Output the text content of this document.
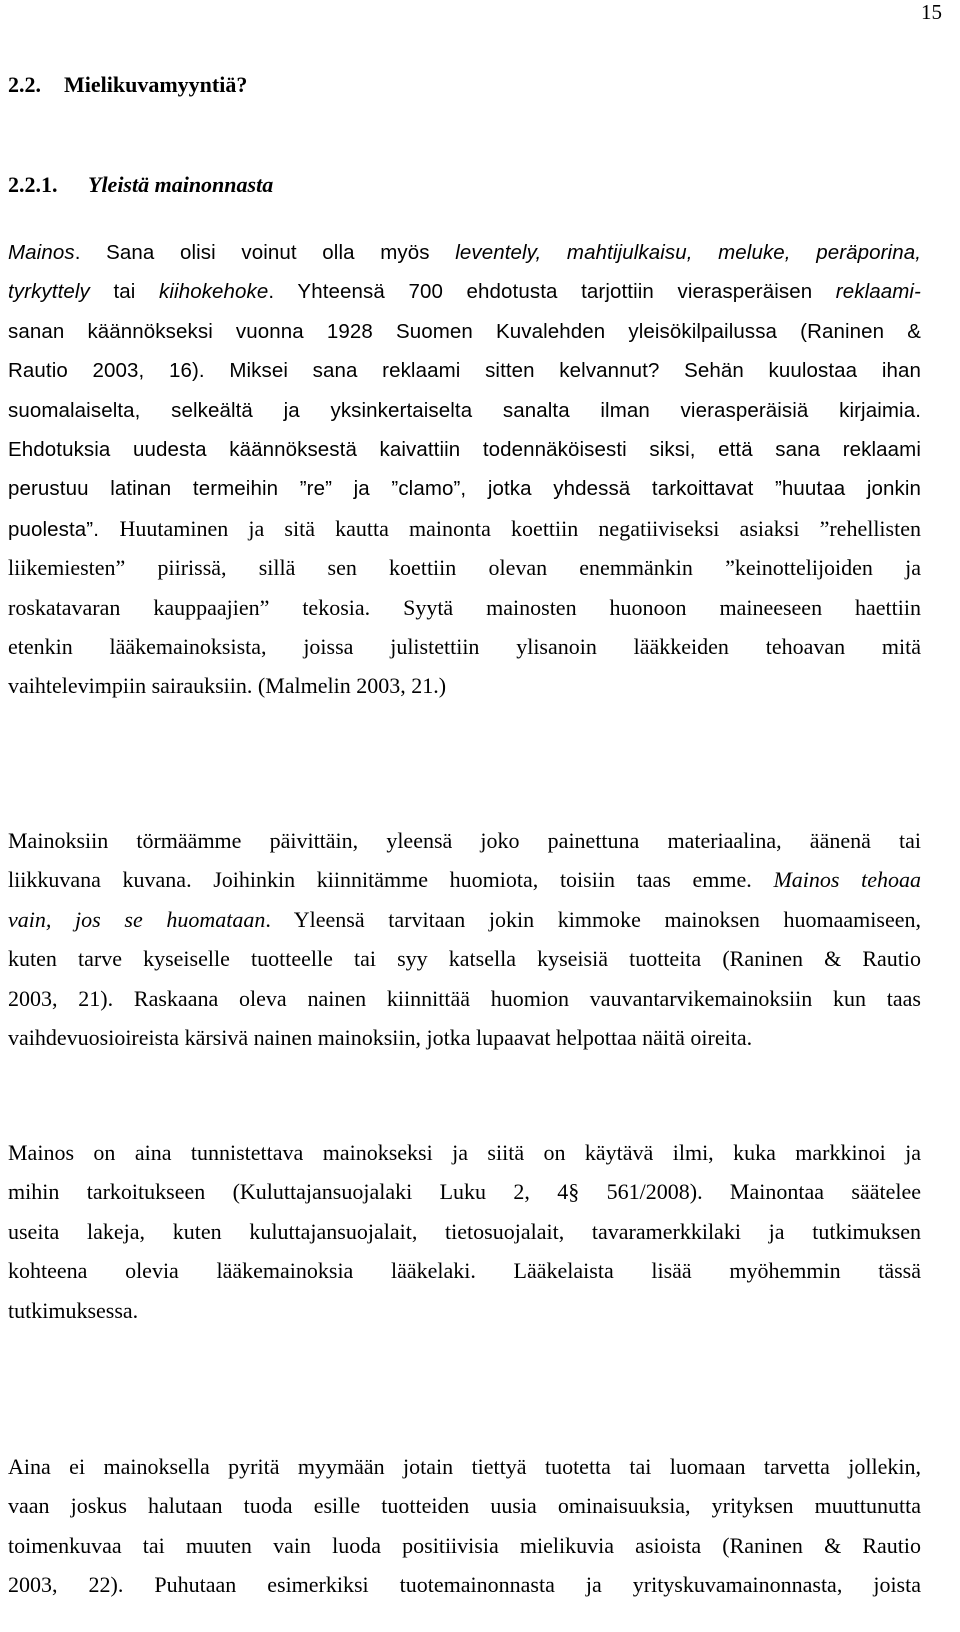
15
2.2. Mielikuvamyyntiä?
2.2.1. Yleistä mainonnasta
Mainos. Sana olisi voinut olla myös leventely, mahtijulkaisu, meluke, peräporina,
tyrkyttely tai kiihokehoke. Yhteensä 700 ehdotusta tarjottiin vierasperäisen reklaami-
sanan käännökseksi vuonna 1928 Suomen Kuvalehden yleisökilpailussa (Raninen &
Rautio 2003, 16). Miksei sana reklaami sitten kelvannut? Sehän kuulostaa ihan
suomalaiselta, selkeältä ja yksinkertaiselta sanalta ilman vierasperäisiä kirjaimia.
Ehdotuksia uudesta käännöksestä kaivattiin todennäköisesti siksi, että sana reklaami
perustuu latinan termeihin ”re” ja ”clamo”, jotka yhdessä tarkoittavat ”huutaa jonkin
puolesta”. Huutaminen ja sitä kautta mainonta koettiin negatiiviseksi asiaksi ”rehellisten
liikemiesten” piirissä, sillä sen koettiin olevan enemmänkin ”keinottelijoiden ja
roskatavaran kauppaajien” tekosia. Syytä mainosten huonoon maineeseen haettiin
etenkin lääkemainoksista, joissa julistettiin ylisanoin lääkkeiden tehoavan mitä
vaihtelevimpiin sairauksiin. (Malmelin 2003, 21.)
Mainoksiin törmäämme päivittäin, yleensä joko painettuna materiaalina, äänenä tai
liikkuvana kuvana. Joihinkin kiinnitämme huomiota, toisiin taas emme. Mainos tehoaa
vain, jos se huomataan. Yleensä tarvitaan jokin kimmoke mainoksen huomaamiseen,
kuten tarve kyseiselle tuotteelle tai syy katsella kyseisiä tuotteita (Raninen & Rautio
2003, 21). Raskaana oleva nainen kiinnittää huomion vauvantarvikemainoksiin kun taas
vaihdevuosioireista kärsivä nainen mainoksiin, jotka lupaavat helpottaa näitä oireita.
Mainos on aina tunnistettava mainokseksi ja siitä on käytävä ilmi, kuka markkinoi ja
mihin tarkoitukseen (Kuluttajansuojalaki Luku 2, 4§ 561/2008). Mainontaa säätelee
useita lakeja, kuten kuluttajansuojalait, tietosuojalait, tavaramerkkilaki ja tutkimuksen
kohteena olevia lääkemainoksia lääkelaki. Lääkelaista lisää myöhemmin tässä
tutkimuksessa.
Aina ei mainoksella pyritä myymään jotain tiettyä tuotetta tai luomaan tarvetta jollekin,
vaan joskus halutaan tuoda esille tuotteiden uusia ominaisuuksia, yrityksen muuttunutta
toimenkuvaa tai muuten vain luoda positiivisia mielikuvia asioista (Raninen & Rautio
2003, 22). Puhutaan esimerkiksi tuotemainonnasta ja yrityskuvamainonnasta, joista
